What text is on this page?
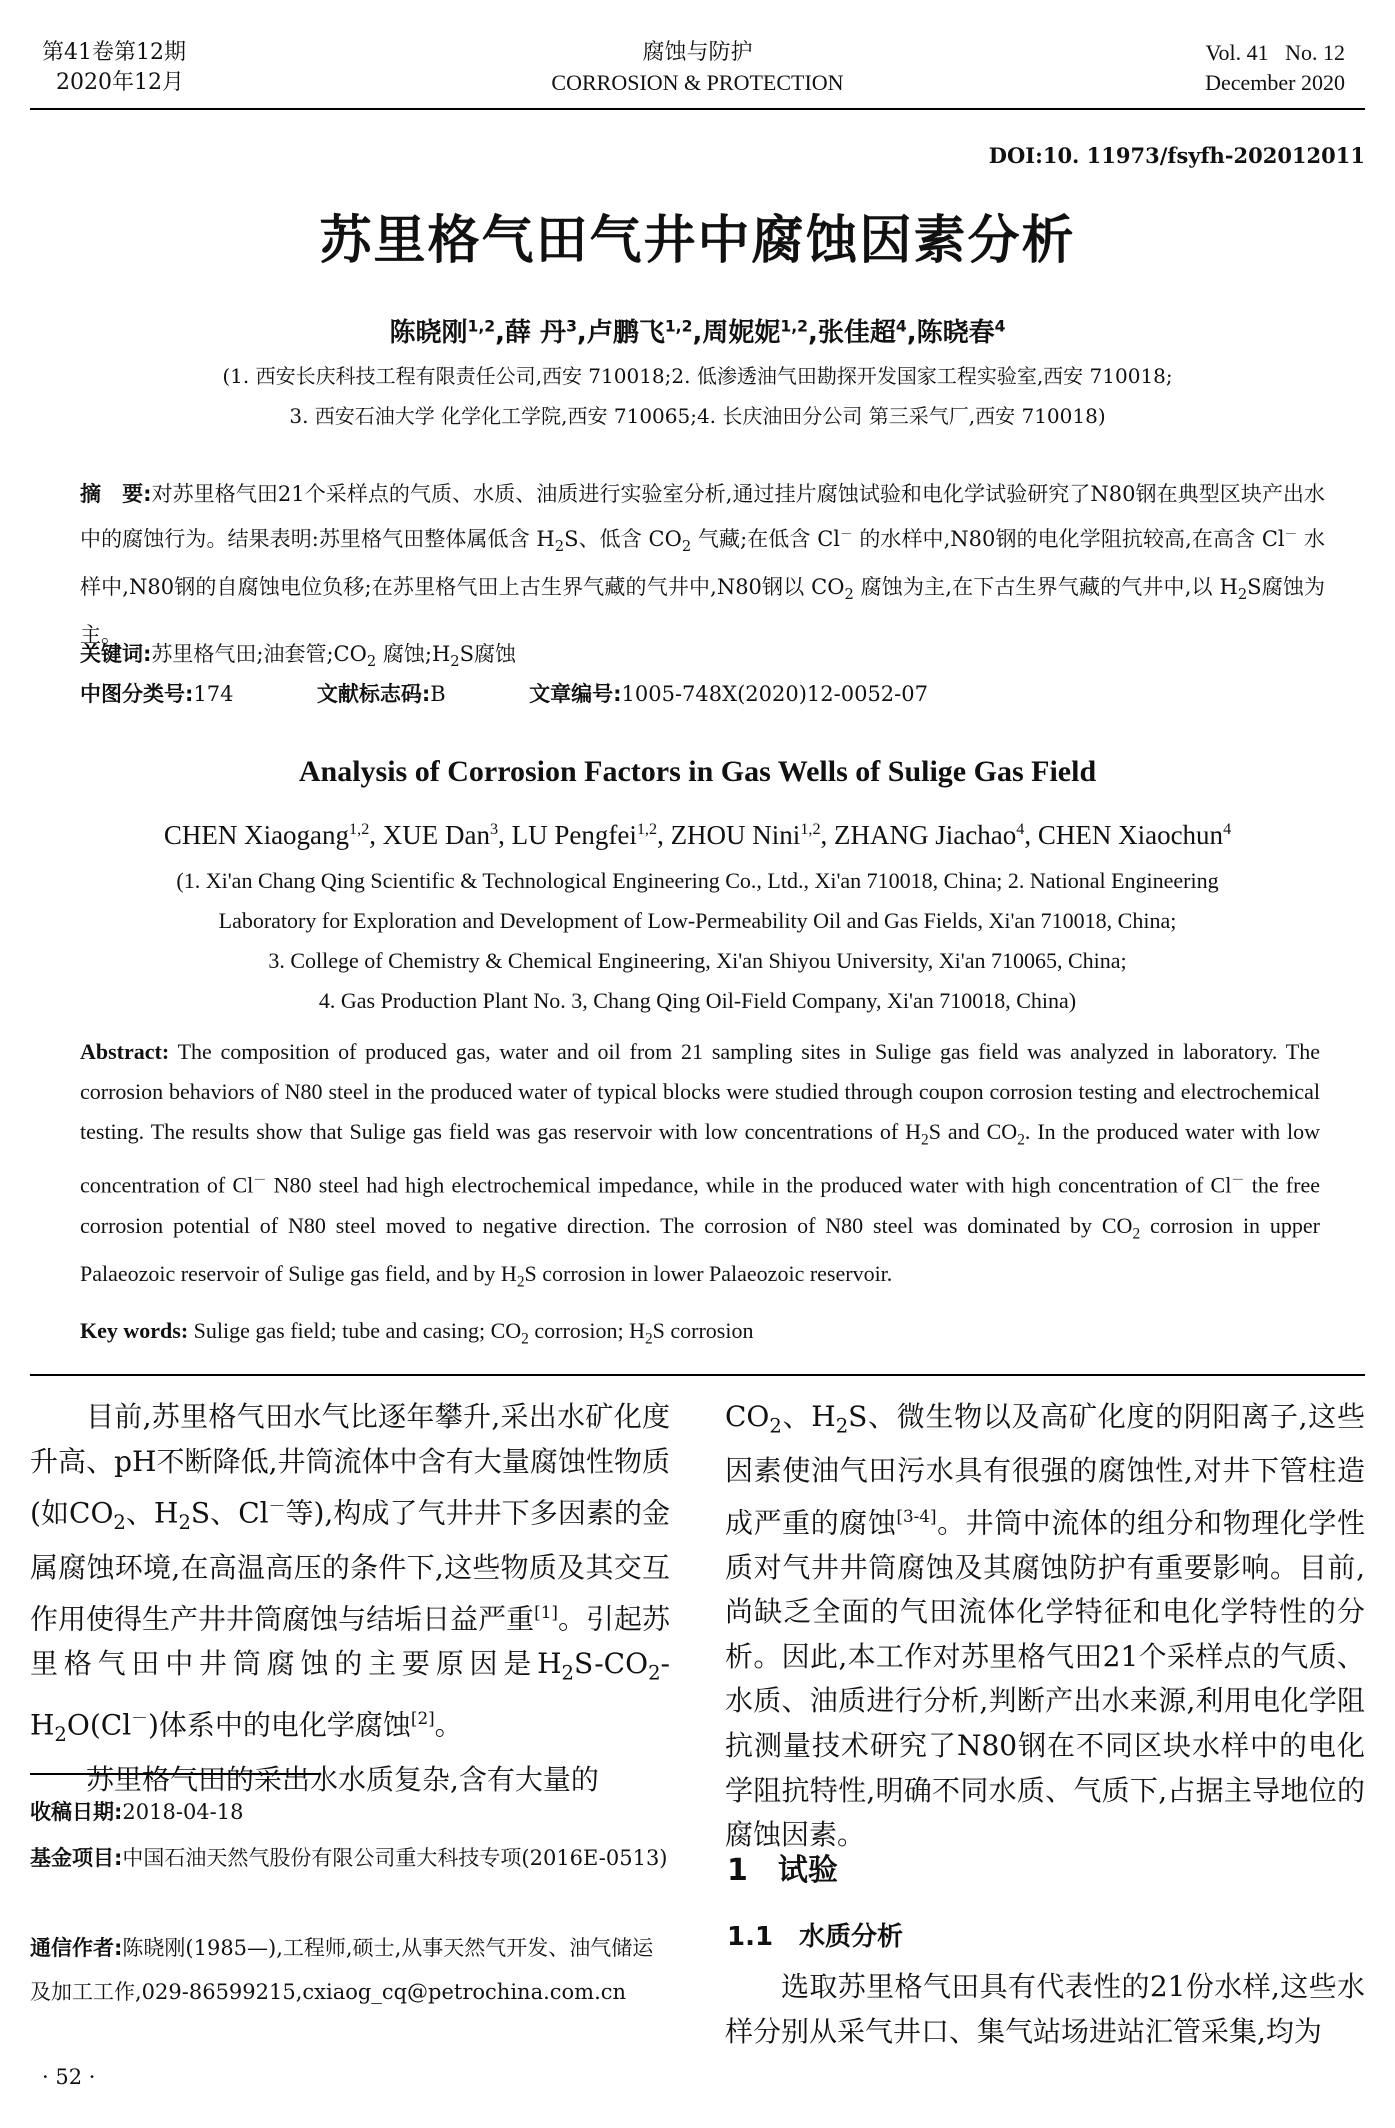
第41卷第12期
2020年12月
腐蚀与防护
CORROSION & PROTECTION
Vol. 41   No. 12
December 2020
DOI:10. 11973/fsyfh-202012011
苏里格气田气井中腐蚀因素分析
陈晓刚$^{1,2}$,薛 丹$^3$,卢鹏飞$^{1,2}$,周妮妮$^{1,2}$,张佳超$^4$,陈晓春$^4$
(1. 西安长庆科技工程有限责任公司,西安 710018;2. 低渗透油气田勘探开发国家工程实验室,西安 710018;
3. 西安石油大学 化学化工学院,西安 710065;4. 长庆油田分公司 第三采气厂,西安 710018)
摘　要:对苏里格气田21个采样点的气质、水质、油质进行实验室分析,通过挂片腐蚀试验和电化学试验研究了N80钢在典型区块产出水中的腐蚀行为。结果表明:苏里格气田整体属低含 $H_2S$、低含 $CO_2$ 气藏;在低含 Cl－ 的水样中,N80钢的电化学阻抗较高,在高含 Cl－ 水样中,N80钢的自腐蚀电位负移;在苏里格气田上古生界气藏的气井中,N80钢以 $CO_2$ 腐蚀为主,在下古生界气藏的气井中,以 $H_2S$腐蚀为主。
关键词:苏里格气田;油套管$;CO_2$ 腐蚀$;H_2S$腐蚀
中图分类号:174	文献标志码:B	文章编号:1005-748X(2020)12-0052-07
Analysis of Corrosion Factors in Gas Wells of Sulige Gas Field
CHEN Xiaogang$^{1,2}$, XUE Dan$^3$, LU Pengfei$^{1,2}$, ZHOU Nini$^{1,2}$, ZHANG Jiachao$^4$, CHEN Xiaochun$^4$
(1. Xi'an Chang Qing Scientific & Technological Engineering Co., Ltd., Xi'an 710018, China; 2. National Engineering
Laboratory for Exploration and Development of Low-Permeability Oil and Gas Fields, Xi'an 710018, China;
3. College of Chemistry & Chemical Engineering, Xi'an Shiyou University, Xi'an 710065, China;
4. Gas Production Plant No. 3, Chang Qing Oil-Field Company, Xi'an 710018, China)
Abstract: The composition of produced gas, water and oil from 21 sampling sites in Sulige gas field was analyzed in laboratory. The corrosion behaviors of N80 steel in the produced water of typical blocks were studied through coupon corrosion testing and electrochemical testing. The results show that Sulige gas field was gas reservoir with low concentrations of $H_2S$ and $CO_2$. In the produced water with low concentration of Cl－ N80 steel had high electrochemical impedance, while in the produced water with high concentration of Cl－ the free corrosion potential of N80 steel moved to negative direction. The corrosion of N80 steel was dominated by $CO_2$ corrosion in upper Palaeozoic reservoir of Sulige gas field, and by $H_2S$ corrosion in lower Palaeozoic reservoir.
Key words: Sulige gas field; tube and casing; $CO_2$ corrosion; $H_2S$ corrosion

目前,苏里格气田水气比逐年攀升,采出水矿化度升高、pH不断降低,井筒流体中含有大量腐蚀性物质(如$CO_2$、$H_2S$、Cl－等),构成了气井井下多因素的金属腐蚀环境,在高温高压的条件下,这些物质及其交互作用使得生产井井筒腐蚀与结垢日益严重[1]。引起苏里格气田中井筒腐蚀的主要原因是$H_2S-CO_2-H_2O(Cl^-)$体系中的电化学腐蚀[2]。

苏里格气田的采出水水质复杂,含有大量的

收稿日期:2018-04-18
基金项目:中国石油天然气股份有限公司重大科技专项(2016E-0513)
通信作者:陈晓刚(1985—),工程师,硕士,从事天然气开发、油气储运及加工工作,029-86599215,cxiaog_cq@petrochina.com.cn
· 52 ·

$CO_2$、$H_2S$、微生物以及高矿化度的阴阳离子,这些因素使油气田污水具有很强的腐蚀性,对井下管柱造成严重的腐蚀[3-4]。井筒中流体的组分和物理化学性质对气井井筒腐蚀及其腐蚀防护有重要影响。目前,尚缺乏全面的气田流体化学特征和电化学特性的分析。因此,本工作对苏里格气田21个采样点的气质、水质、油质进行分析,判断产出水来源,利用电化学阻抗测量技术研究了N80钢在不同区块水样中的电化学阻抗特性,明确不同水质、气质下,占据主导地位的腐蚀因素。

1　试验
1.1　水质分析

选取苏里格气田具有代表性的21份水样,这些水样分别从采气井口、集气站场进站汇管采集,均为
